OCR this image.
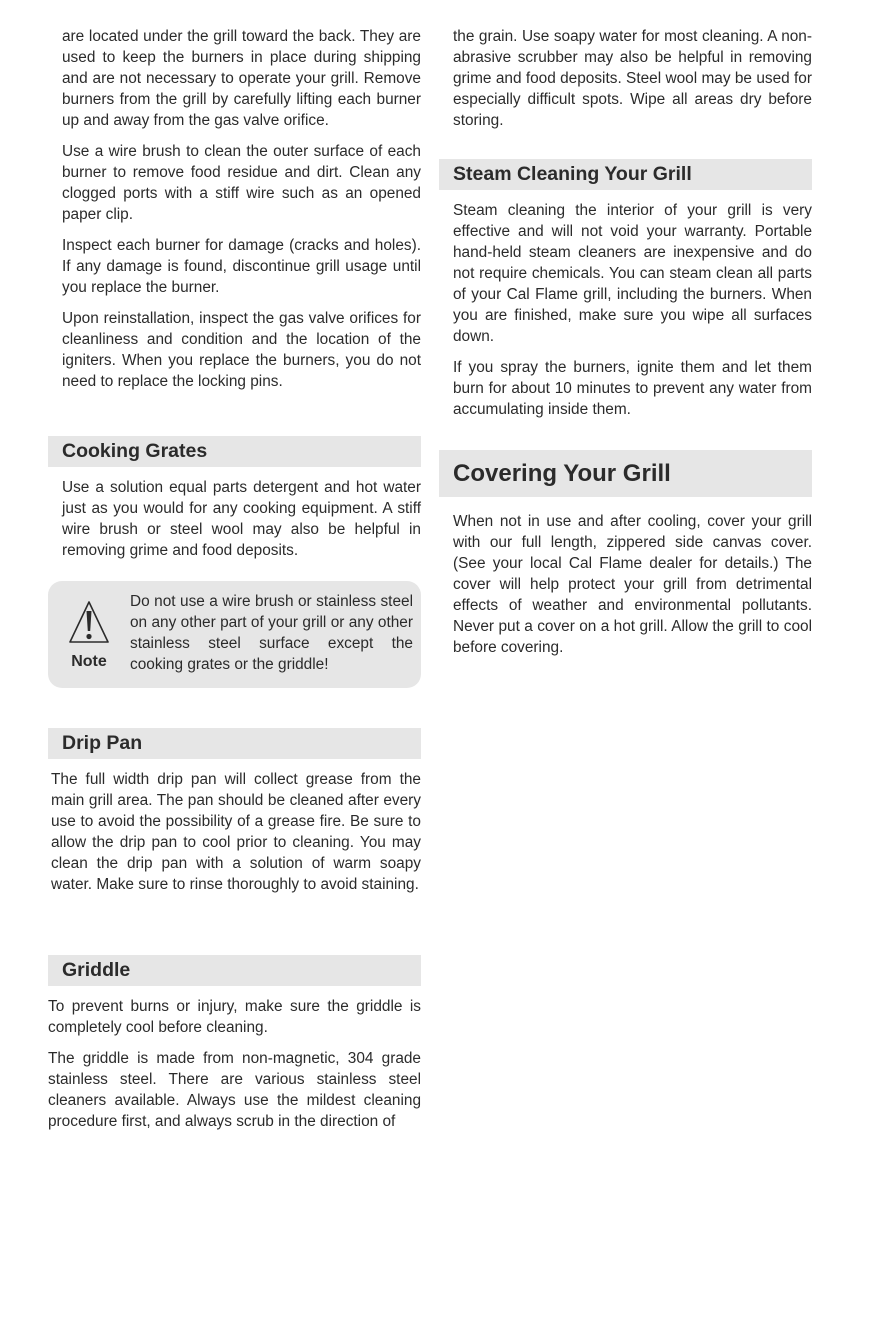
are located under the grill toward the back. They are used to keep the burners in place during shipping and are not necessary to operate your grill. Remove burners from the grill by carefully lifting each burner up and away from the gas valve orifice.

Use a wire brush to clean the outer surface of each burner to remove food residue and dirt. Clean any clogged ports with a stiff wire such as an opened paper clip.

Inspect each burner for damage (cracks and holes). If any damage is found, discontinue grill usage until you replace the burner.

Upon reinstallation, inspect the gas valve orifices for cleanliness and condition and the location of the igniters. When you replace the burners, you do not need to replace the locking pins.

Cooking Grates

Use a solution equal parts detergent and hot water just as you would for any cooking equipment. A stiff wire brush or steel wool may also be helpful in removing grime and food deposits.

Note

Do not use a wire brush or stainless steel on any other part of your grill or any other stainless steel surface except the cooking grates or the griddle!

Drip Pan

The full width drip pan will collect grease from the main grill area. The pan should be cleaned after every use to avoid the possibility of a grease fire. Be sure to allow the drip pan to cool prior to cleaning. You may clean the drip pan with a solution of warm soapy water. Make sure to rinse thoroughly to avoid staining.

Griddle

To prevent burns or injury, make sure the griddle is completely cool before cleaning.

The griddle is made from non-magnetic, 304 grade stainless steel. There are various stainless steel cleaners available. Always use the mildest cleaning procedure first, and always scrub in the direction of

the grain. Use soapy water for most cleaning. A non-abrasive scrubber may also be helpful in removing grime and food deposits. Steel wool may be used for especially difficult spots. Wipe all areas dry before storing.

Steam Cleaning Your Grill

Steam cleaning the interior of your grill is very effective and will not void your warranty. Portable hand-held steam cleaners are inexpensive and do not require chemicals. You can steam clean all parts of your Cal Flame grill, including the burners. When you are finished, make sure you wipe all surfaces down.

If you spray the burners, ignite them and let them burn for about 10 minutes to prevent any water from accumulating inside them.

Covering Your Grill

When not in use and after cooling, cover your grill with our full length, zippered side canvas cover. (See your local Cal Flame dealer for details.) The cover will help protect your grill from detrimental effects of weather and environmental pollutants. Never put a cover on a hot grill. Allow the grill to cool before covering.
